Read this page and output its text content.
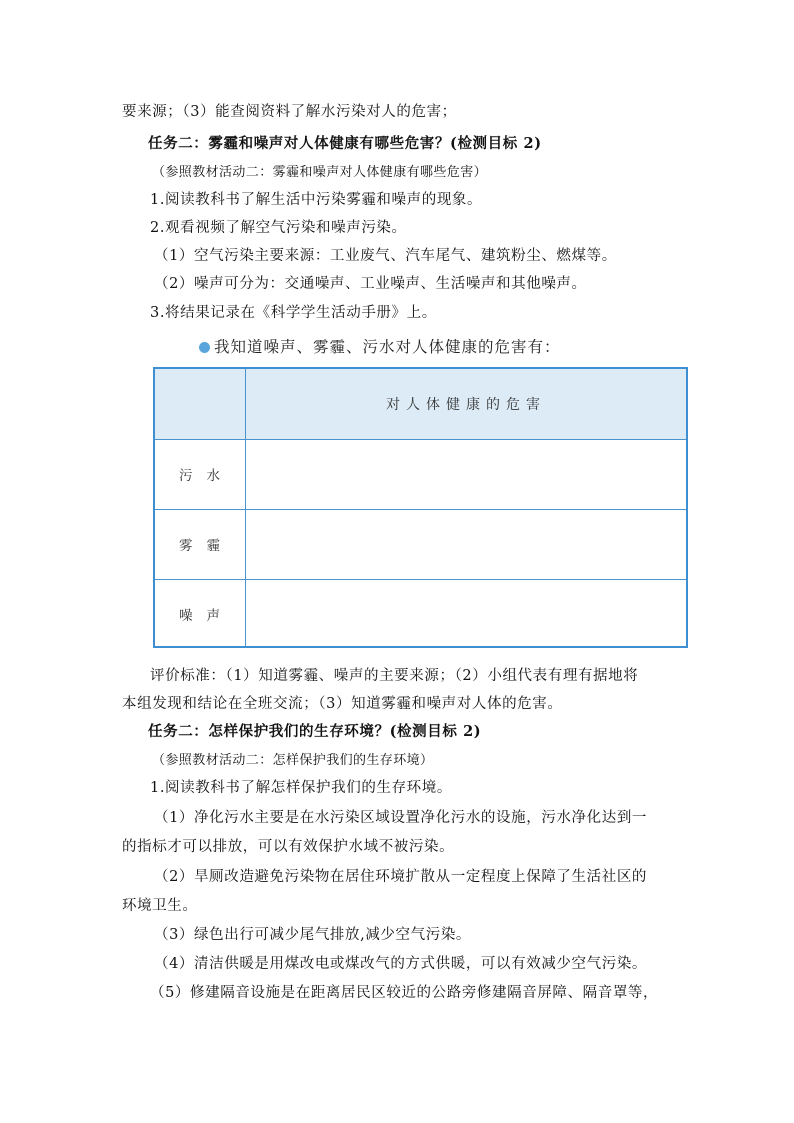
要来源；（3）能查阅资料了解水污染对人的危害；
任务二：雾霾和噪声对人体健康有哪些危害？(检测目标 2)
（参照教材活动二：雾霾和噪声对人体健康有哪些危害）
1.阅读教科书了解生活中污染雾霾和噪声的现象。
2.观看视频了解空气污染和噪声污染。
（1）空气污染主要来源：工业废气、汽车尾气、建筑粉尘、燃煤等。
（2）噪声可分为：交通噪声、工业噪声、生活噪声和其他噪声。
3.将结果记录在《科学学生活动手册》上。
我知道噪声、雾霾、污水对人体健康的危害有：
对人体健康的危害
污水
雾霾
噪声
评价标准：（1）知道雾霾、噪声的主要来源；（2）小组代表有理有据地将
本组发现和结论在全班交流；（3）知道雾霾和噪声对人体的危害。
任务二：怎样保护我们的生存环境？(检测目标 2)
（参照教材活动二：怎样保护我们的生存环境）
1.阅读教科书了解怎样保护我们的生存环境。
（1）净化污水主要是在水污染区域设置净化污水的设施，污水净化达到一
的指标才可以排放，可以有效保护水域不被污染。
（2）旱厕改造避免污染物在居住环境扩散从一定程度上保障了生活社区的
环境卫生。
（3）绿色出行可减少尾气排放,减少空气污染。
（4）清洁供暖是用煤改电或煤改气的方式供暖，可以有效减少空气污染。
（5）修建隔音设施是在距离居民区较近的公路旁修建隔音屏障、隔音罩等，
